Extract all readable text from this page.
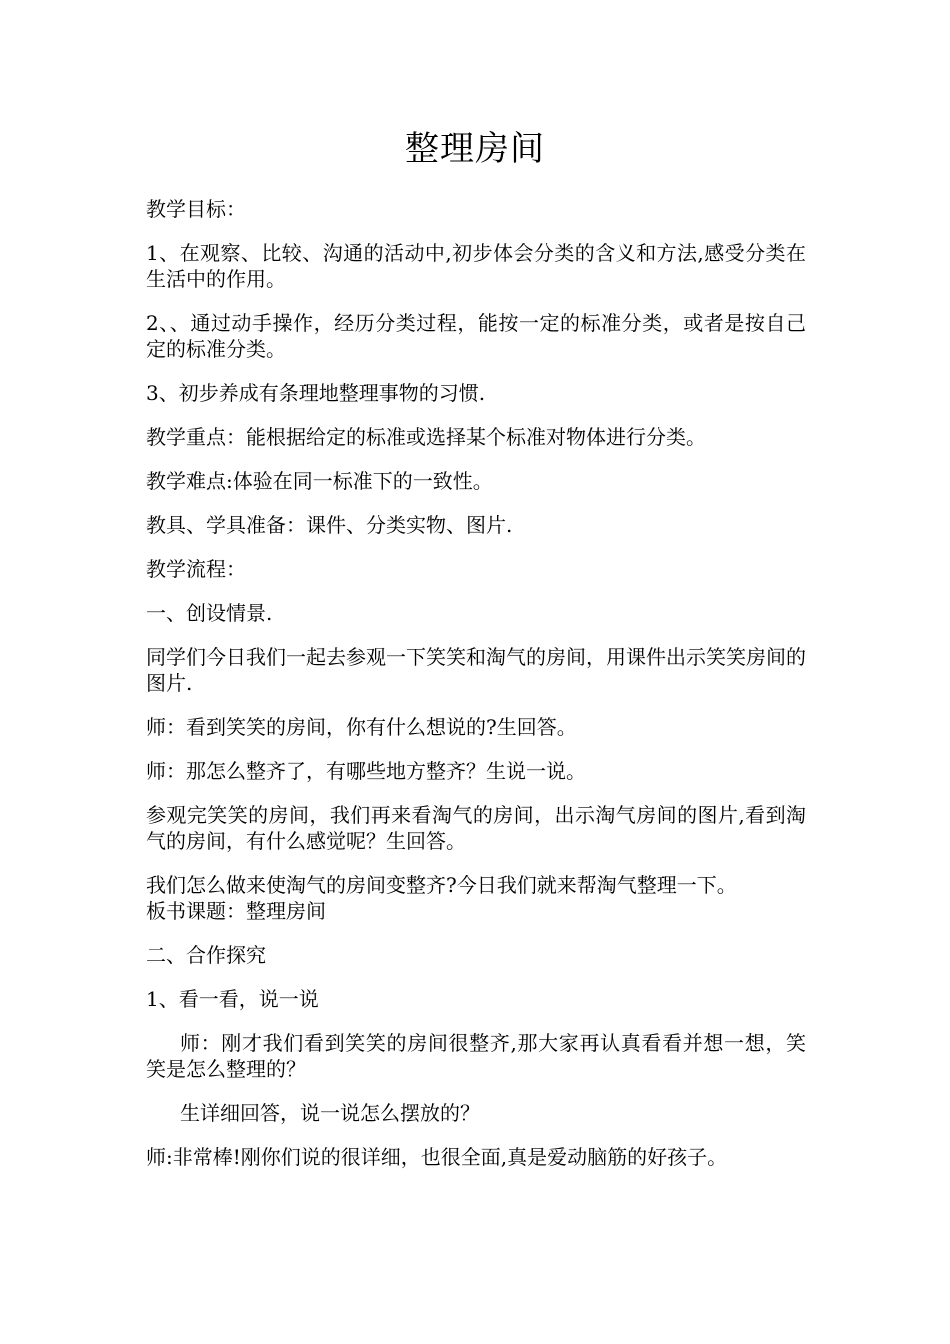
整理房间

教学目标：

1、在观察、比较、沟通的活动中,初步体会分类的含义和方法,感受分类在生活中的作用。

2、、通过动手操作，经历分类过程，能按一定的标准分类，或者是按自己定的标准分类。

3、初步养成有条理地整理事物的习惯.

教学重点：能根据给定的标准或选择某个标准对物体进行分类。

教学难点:体验在同一标准下的一致性。

教具、学具准备：课件、分类实物、图片.

教学流程：

一、创设情景.

同学们今日我们一起去参观一下笑笑和淘气的房间，用课件出示笑笑房间的图片.

师：看到笑笑的房间，你有什么想说的?生回答。

师：那怎么整齐了，有哪些地方整齐？生说一说。

参观完笑笑的房间，我们再来看淘气的房间，出示淘气房间的图片,看到淘气的房间，有什么感觉呢？生回答。

我们怎么做来使淘气的房间变整齐?今日我们就来帮淘气整理一下。

板书课题：整理房间

二、合作探究

1、看一看，说一说

师：刚才我们看到笑笑的房间很整齐,那大家再认真看看并想一想，笑笑是怎么整理的？

生详细回答，说一说怎么摆放的？

师:非常棒!刚你们说的很详细，也很全面,真是爱动脑筋的好孩子。
